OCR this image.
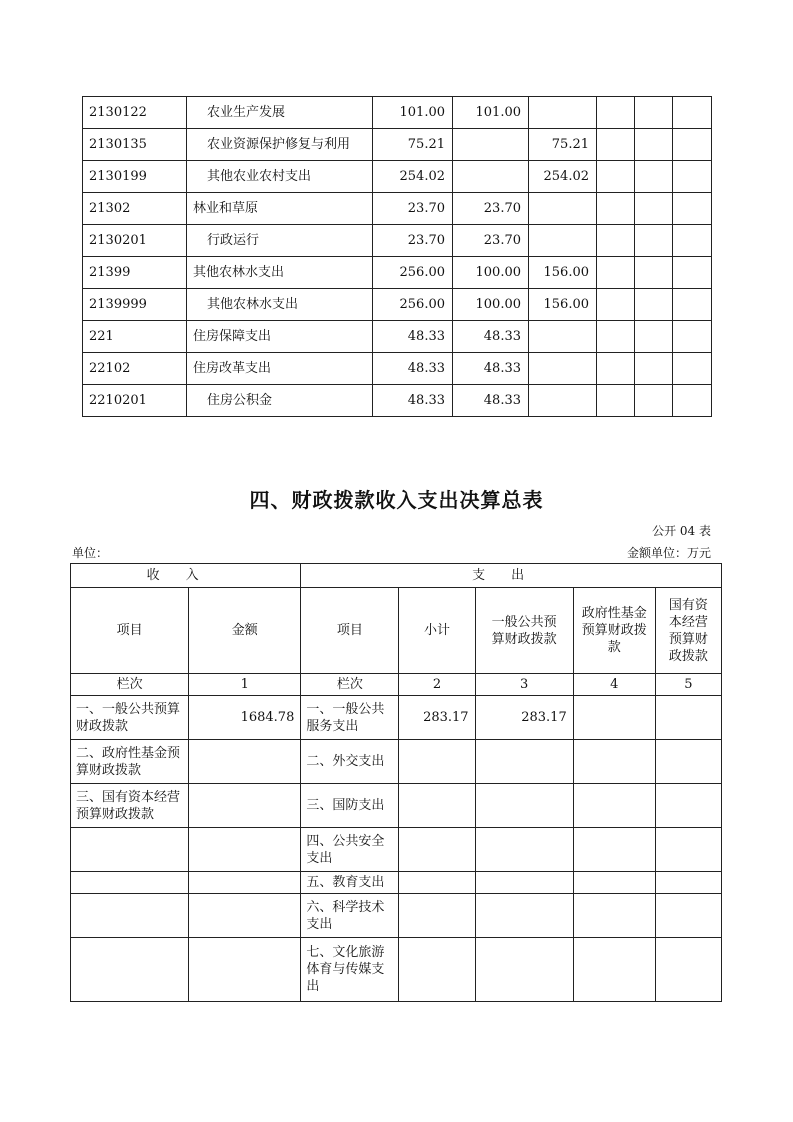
2130122	农业生产发展	101.00	101.00				
2130135	农业资源保护修复与利用	75.21		75.21			
2130199	其他农业农村支出	254.02		254.02			
21302	林业和草原	23.70	23.70				
2130201	行政运行	23.70	23.70				
21399	其他农林水支出	256.00	100.00	156.00			
2139999	其他农林水支出	256.00	100.00	156.00			
221	住房保障支出	48.33	48.33				
22102	住房改革支出	48.33	48.33				
2210201	住房公积金	48.33	48.33				
四、财政拨款收入支出决算总表
公开 04 表
单位：	金额单位：万元
收入		支出				
项目	金额	项目	小计	一般公共预算财政拨款	政府性基金预算财政拨款	国有资本经营预算财政拨款
栏次	1	栏次	2	3	4	5
一、一般公共预算财政拨款	1684.78	一、一般公共服务支出	283.17	283.17		
二、政府性基金预算财政拨款		二、外交支出				
三、国有资本经营预算财政拨款		三、国防支出				
		四、公共安全支出				
		五、教育支出				
		六、科学技术支出				
		七、文化旅游体育与传媒支出				
